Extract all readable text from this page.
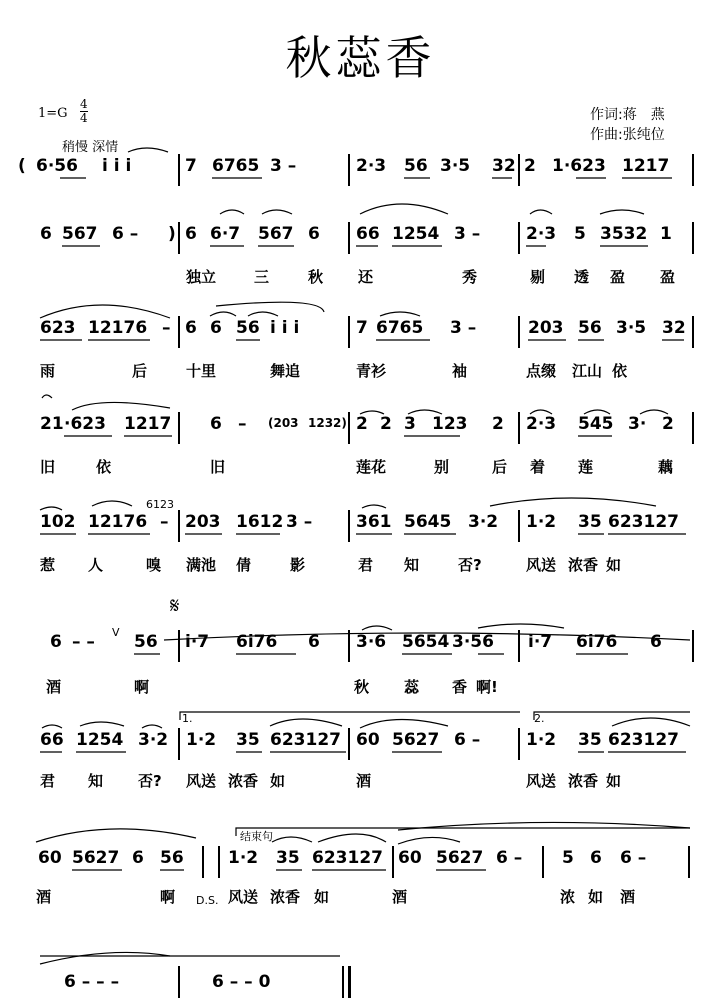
秋蕊香
1=G
4
4
稍慢 深情
作词:蒋　燕
作曲:张纯位
( 6·56 i i i	7 6765 3 –	2·3 56 3·5 32 2 1·623 1217
6 567 6 – ) 6 6·7 567 6 66 1254 3 –	2·3 5 3532 1
独立	三	秋 还	秀	剔 透 盈 盈
623 12176 – 6 6 56 i i i	7 6765 3 –	203 56 3·5 32
雨	后	十里	舞追	青衫	袖	点缀 江山 依
21 ·623 1217 6 – (203 1232) 2 2 3 123 2 2·3 545 3· 2
旧	依	旧	莲花	别	后 着 莲	藕
102 12176 –
6123
203 1612 3 –	361 5645 3·2 1·2 35 623127
惹 人	嗅 满池 倩	影	君 知	否?	风送 浓香 如
6 – – V 56
𝄋
i·7 6i76 6 3·6 5654 3·56 i·7 6i76 6
酒	啊	秋 蕊 香 啊!
66 1254 3·2
1.
1·2 35 623127 60 5627 6 –
2.
1·2 35 623127
君 知 否? 风送 浓香 如	酒	风送 浓香 如
60 5627 6 56
结束句
1·2 35 623127 60 5627 6 – 5 6 6 –
酒	啊 D.S. 风送 浓香 如	酒	浓 如 酒
6 – – –	6 – – 0
